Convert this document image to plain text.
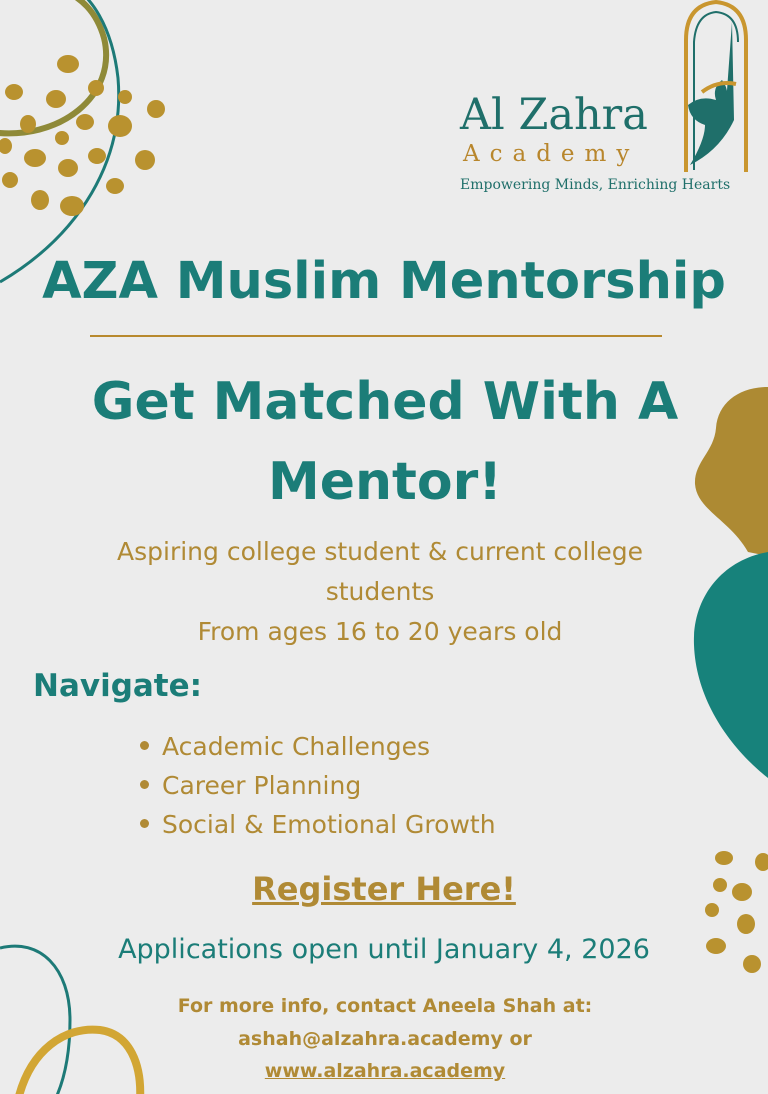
Al Zahra
Academy
Empowering Minds, Enriching Hearts
AZA Muslim Mentorship
Get Matched With A Mentor!
Aspiring college student & current college students
From ages 16 to 20 years old
Navigate:
Academic Challenges
Career Planning
Social & Emotional Growth
Register Here!
Applications open until January 4, 2026
For more info, contact Aneela Shah at:
ashah@alzahra.academy or
www.alzahra.academy
